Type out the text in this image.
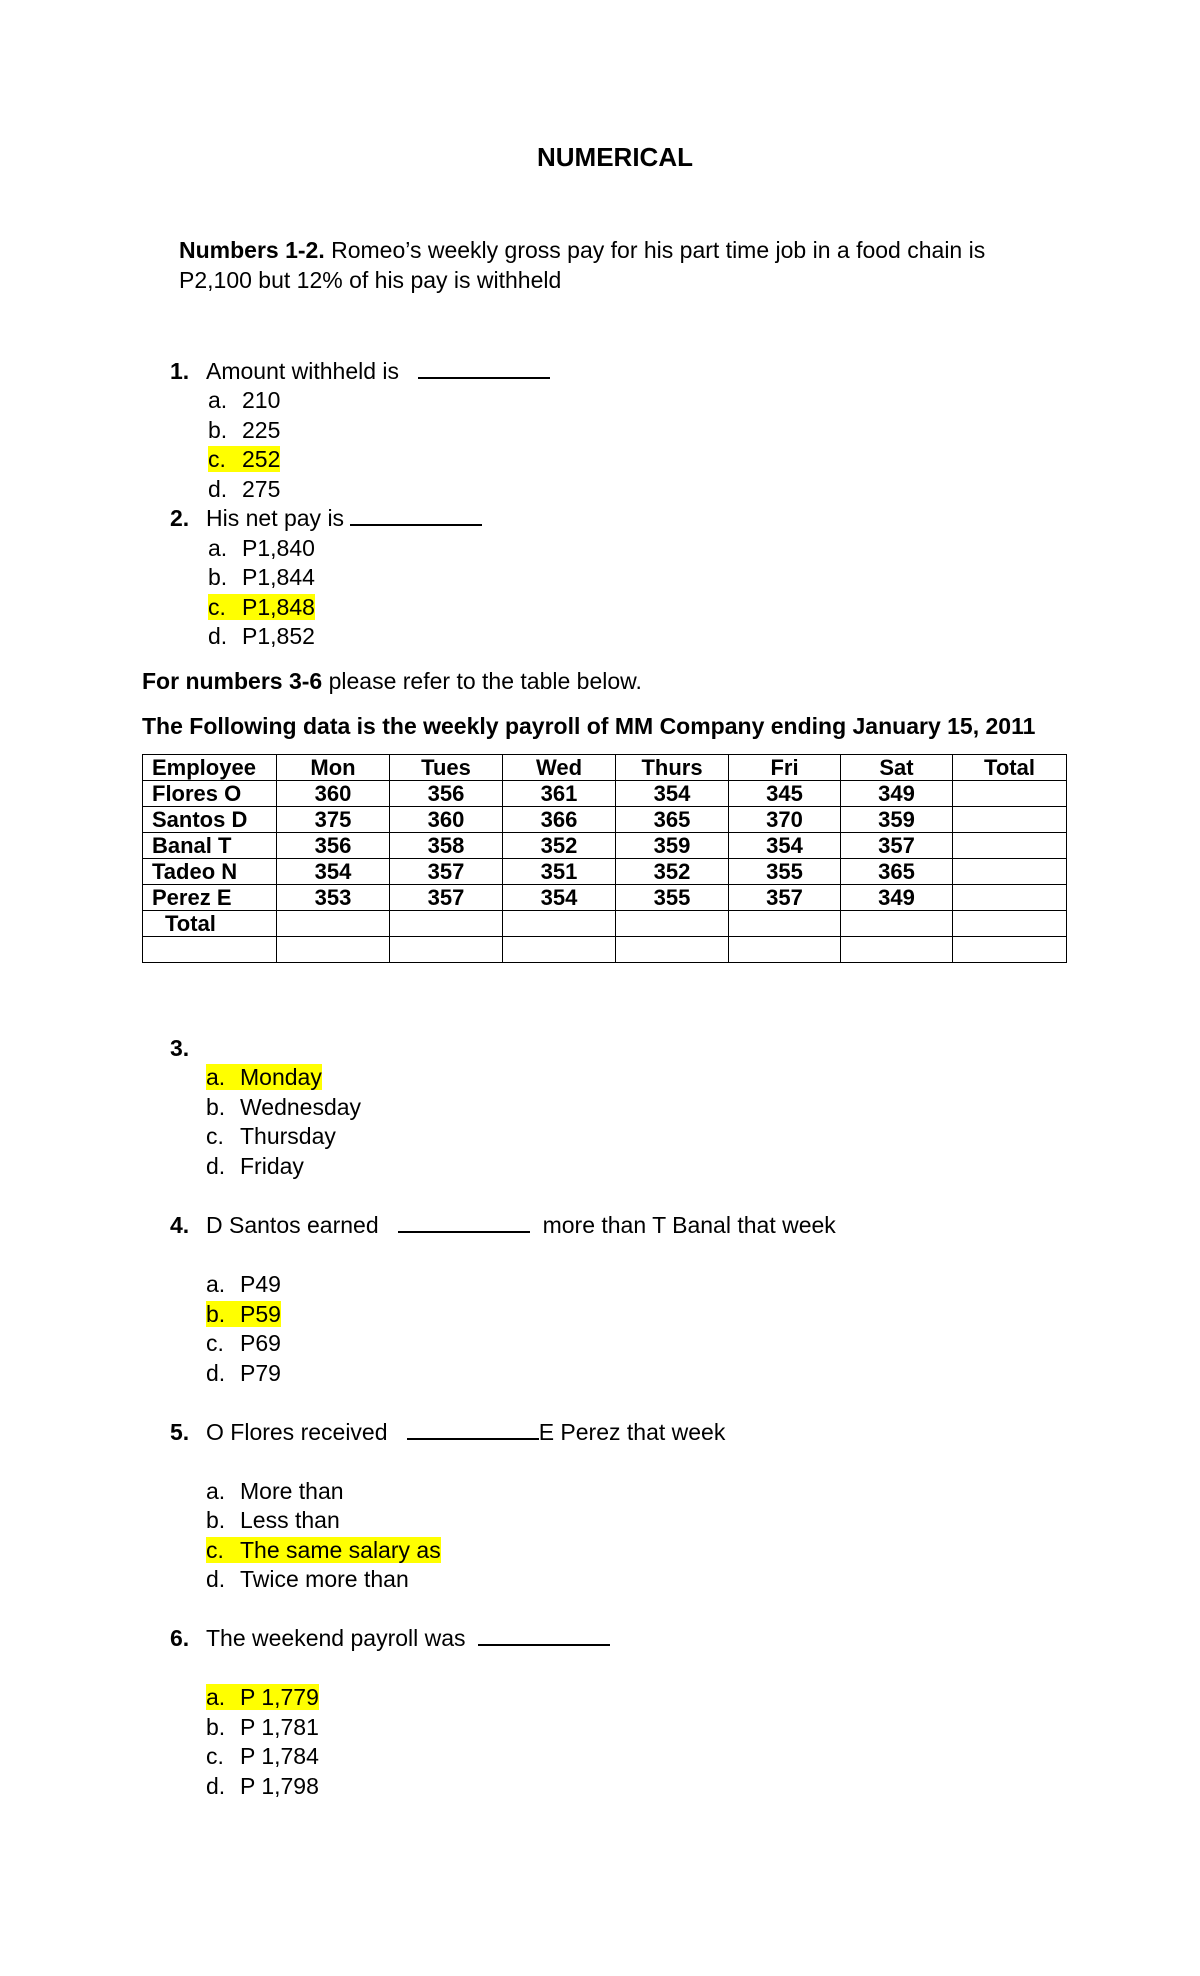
NUMERICAL
Numbers 1-2. Romeo’s weekly gross pay for his part time job in a food chain is
P2,100 but 12% of his pay is withheld
1. Amount withheld is
a. 210
b. 225
c. 252
d. 275
2. His net pay is
a. P1,840
b. P1,844
c. P1,848
d. P1,852
For numbers 3-6 please refer to the table below.
The Following data is the weekly payroll of MM Company ending January 15, 2011
Employee	Mon	Tues	Wed	Thurs	Fri	Sat	Total
Flores O	360	356	361	354	345	349	
Santos D	375	360	366	365	370	359	
Banal T	356	358	352	359	354	357	
Tadeo N	354	357	351	352	355	365	
Perez E	353	357	354	355	357	349	
Total							

3.
a. Monday
b. Wednesday
c. Thursday
d. Friday
4. D Santos earned	more than T Banal that week
a. P49
b. P59
c. P69
d. P79
5. O Flores received	E Perez that week
a. More than
b. Less than
c. The same salary as
d. Twice more than
6. The weekend payroll was
a. P 1,779
b. P 1,781
c. P 1,784
d. P 1,798
